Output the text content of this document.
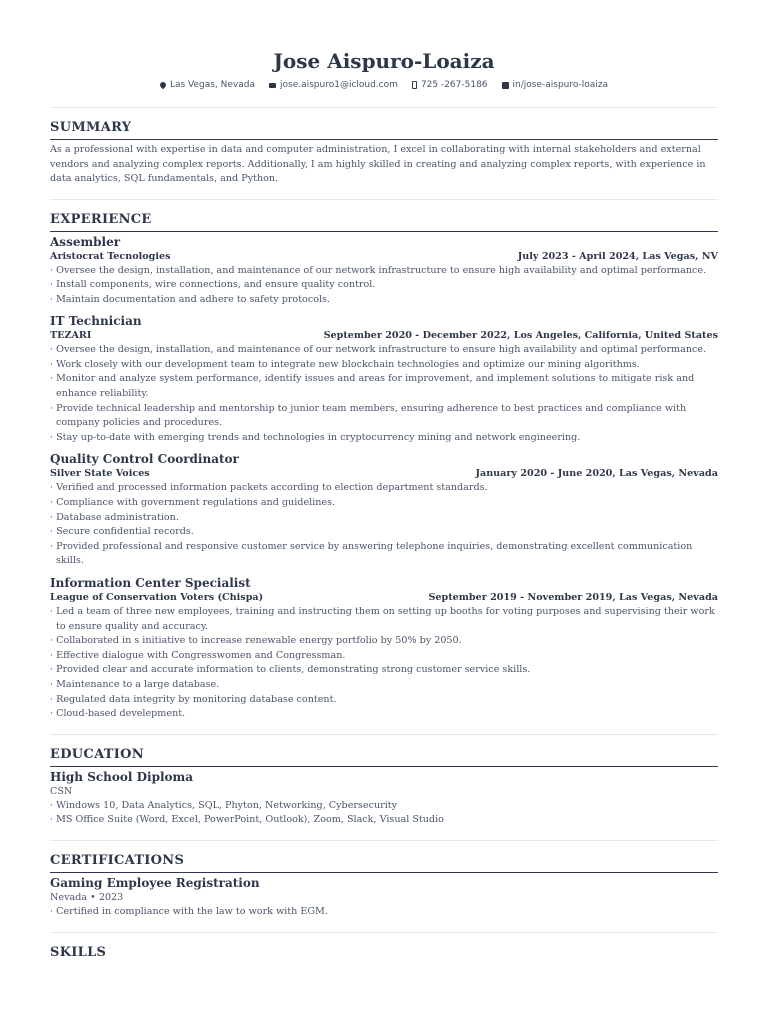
Jose Aispuro-Loaiza
Las Vegas, Nevada	jose.aispuro1@icloud.com	725 -267-5186	in/jose-aispuro-loaiza
SUMMARY
As a professional with expertise in data and computer administration, I excel in collaborating with internal stakeholders and external vendors and analyzing complex reports. Additionally, I am highly skilled in creating and analyzing complex reports, with experience in data analytics, SQL fundamentals, and Python.
EXPERIENCE
Assembler
Aristocrat Tecnologies	July 2023 - April 2024, Las Vegas, NV
· Oversee the design, installation, and maintenance of our network infrastructure to ensure high availability and optimal performance.
· Install components, wire connections, and ensure quality control.
· Maintain documentation and adhere to safety protocols.
IT Technician
TEZARI	September 2020 - December 2022, Los Angeles, California, United States
· Oversee the design, installation, and maintenance of our network infrastructure to ensure high availability and optimal performance.
· Work closely with our development team to integrate new blockchain technologies and optimize our mining algorithms.
· Monitor and analyze system performance, identify issues and areas for improvement, and implement solutions to mitigate risk and enhance reliability.
· Provide technical leadership and mentorship to junior team members, ensuring adherence to best practices and compliance with company policies and procedures.
· Stay up-to-date with emerging trends and technologies in cryptocurrency mining and network engineering.
Quality Control Coordinator
Silver State Voices	January 2020 - June 2020, Las Vegas, Nevada
· Verified and processed information packets according to election department standards.
· Compliance with government regulations and guidelines.
· Database administration.
· Secure confidential records.
· Provided professional and responsive customer service by answering telephone inquiries, demonstrating excellent communication skills.
Information Center Specialist
League of Conservation Voters (Chispa)	September 2019 - November 2019, Las Vegas, Nevada
· Led a team of three new employees, training and instructing them on setting up booths for voting purposes and supervising their work to ensure quality and accuracy.
· Collaborated in s initiative to increase renewable energy portfolio by 50% by 2050.
· Effective dialogue with Congresswomen and Congressman.
· Provided clear and accurate information to clients, demonstrating strong customer service skills.
· Maintenance to a large database.
· Regulated data integrity by monitoring database content.
· Cloud-based develepment.
EDUCATION
High School Diploma
CSN
· Windows 10, Data Analytics, SQL, Phyton, Networking, Cybersecurity
· MS Office Suite (Word, Excel, PowerPoint, Outlook), Zoom, Slack, Visual Studio
CERTIFICATIONS
Gaming Employee Registration
Nevada • 2023
· Certified in compliance with the law to work with EGM.
SKILLS
